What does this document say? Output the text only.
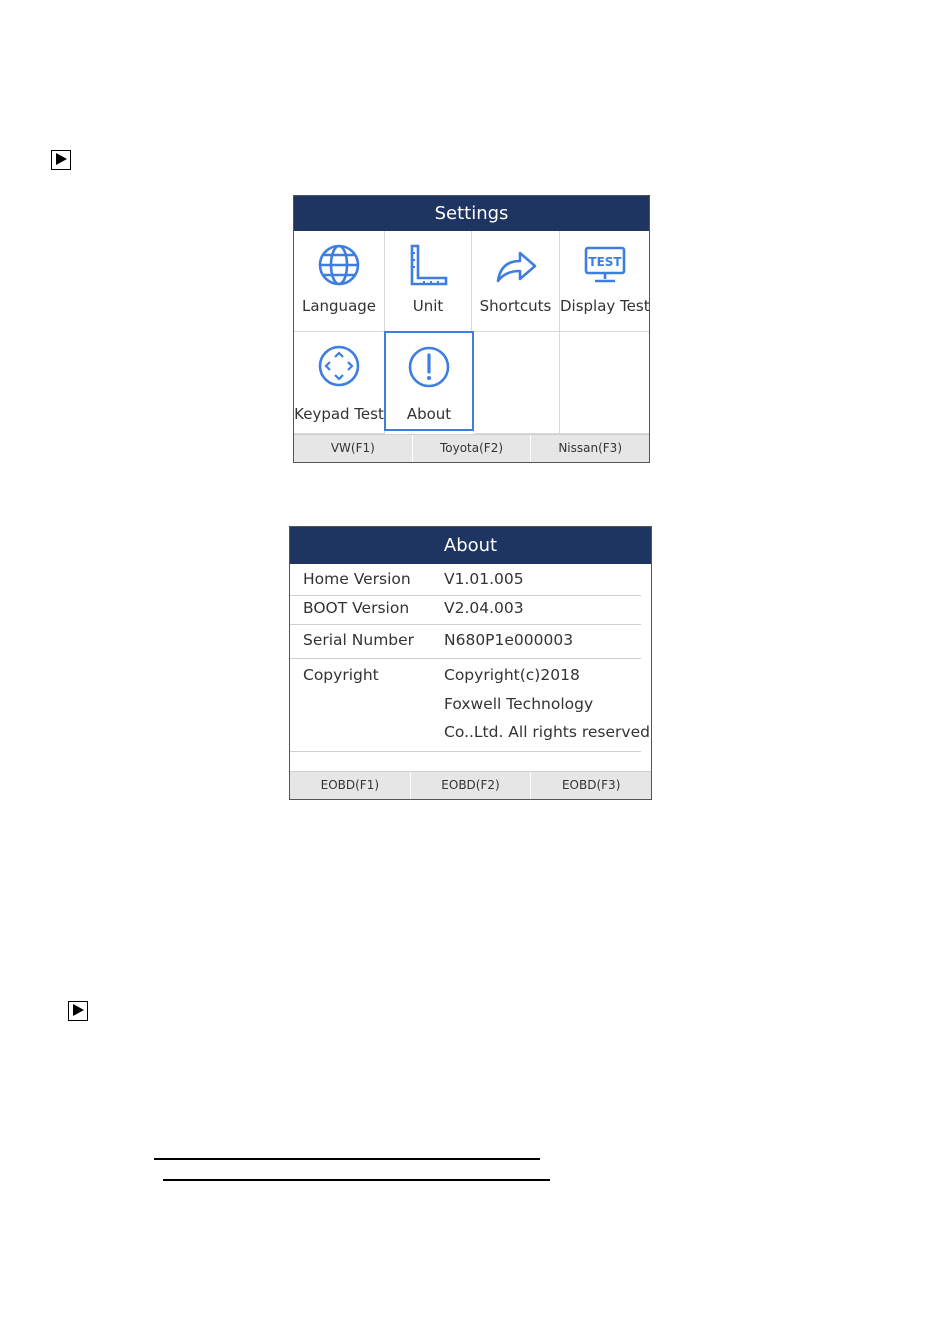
Settings
Language	Unit	Shortcuts
TEST
Display Test
Keypad Test	About
VW(F1)	Toyota(F2)	Nissan(F3)
About
Home Version V1.01.005
BOOT Version V2.04.003
Serial Number N680P1e000003
Copyright	Copyright(c)2018
Foxwell Technology
Co..Ltd. All rights reserved
EOBD(F1)	EOBD(F2)	EOBD(F3)
